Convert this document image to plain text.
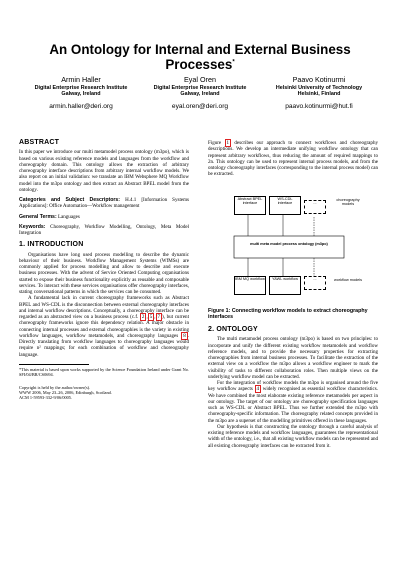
An Ontology for Internal and External Business Processes*
Armin Haller
Digital Enterprise Research Institute
Galway, Ireland
armin.haller@deri.org
Eyal Oren
Digital Enterprise Research Institute
Galway, Ireland
eyal.oren@deri.org
Paavo Kotinurmi
Helsinki University of Technology
Helsinki, Finland
paavo.kotinurmi@hut.fi
ABSTRACT

In this paper we introduce our multi metamodel process ontology (m3po), which is based on various existing reference models and languages from the workflow and choreography domain. This ontology allows the extraction of arbitrary choreography interface descriptions from arbitrary internal workflow models. We also report on an initial validation: we translate an IBM Websphere MQ Workflow model into the m3po ontology and then extract an Abstract BPEL model from the ontology.

Categories and Subject Descriptors: H.4.1 [Information Systems Applications]: Office Automation—Workflow management

General Terms: Languages

Keywords: Choreography, Workflow Modelling, Ontology, Meta Model Integration

1. INTRODUCTION

Organisations have long used process modelling to describe the dynamic behaviour of their business. Workflow Management Systems (WfMSs) are commonly applied for process modelling and allow to describe and execute business processes. With the advent of Service Oriented Computing organisations started to expose their business functionality explicitly as reusable and composable services. To interact with these services organisations offer choreography interfaces, stating conversational patterns in which the services can be consumed.

A fundamental lack in current choreography frameworks such as Abstract BPEL and WS-CDL is the disconnection between external choreography interfaces and internal workflow descriptions. Conceptually, a choreography interface can be regarded as an abstracted view on a business process (c.f. 2 , 5 , 7 ), but current choreography frameworks ignore this dependency relation. A major obstacle in connecting internal processes and external choreographies is the variety in existing workflow languages, workflow metamodels, and choreography languages 8 . Directly translating from workflow languages to choreography languages would require n² mappings; for each combination of workflow and choreography language.

*This material is based upon works supported by the Science Foundation Ireland under Grant No. SFI/04/BR/CS0694.

Copyright is held by the author/owner(s).
WWW 2006, May 23–26, 2006, Edinburgh, Scotland.
ACM 1-59593-332-9/06/0005.

Figure 1 describes our approach to connect workflows and choreography descriptions. We develop an intermediate unifying workflow ontology that can represent arbitrary workflows, thus reducing the amount of required mappings to 2n. This ontology can be used to represent internal process models, and from the ontology choreography interfaces (corresponding to the internal process model) can be extracted.

Abstract BPEL interface
WS-CDL interface	...
choreography models
multi meta model process ontology (m3po)
IBM MQ workflow	YAWL workflow	...	workflow models
Figure 1: Connecting workflow models to extract choreography interfaces
2. ONTOLOGY

The multi metamodel process ontology (m3po) is based on two principles: to incorporate and unify the different existing workflow metamodels and workflow reference models, and to provide the necessary properties for extracting choreographies from internal business processes. To facilitate the extraction of the external view on a workflow the m3po allows a workflow engineer to mark the visibility of tasks to different collaboration roles. Then multiple views on the underlying workflow model can be extracted.

For the integration of workflow models the m3po is organised around the five key workflow aspects 4 widely recognised as essential workflow characteristics. We have combined the most elaborate existing reference metamodels per aspect in our ontology. The target of our ontology are choreography specification languages such as WS-CDL or Abstract BPEL. Thus we further extended the m3po with choreography-specific information. The choreography related concepts provided in the m3po are a superset of the modelling primitives offered in these languages.

Our hypothesis is that constructing the ontology through a careful analysis of existing reference models and workflow languages, guarantees the representational width of the ontology, i.e., that all existing workflow models can be represented and all existing choreography interfaces can be extracted from it.
